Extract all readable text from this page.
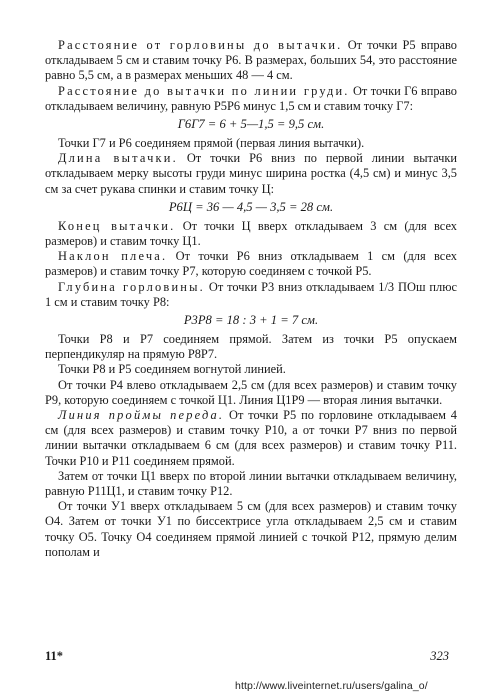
Расстояние от горловины до вытачки. От точки Р5 вправо откладываем 5 см и ставим точку Р6. В размерах, больших 54, это расстояние равно 5,5 см, а в размерах меньших 48 — 4 см.

Расстояние до вытачки по линии груди. От точки Г6 вправо откладываем величину, равную Р5Р6 минус 1,5 см и ставим точку Г7:

Г6Г7 = 6 + 5—1,5 = 9,5 см.

Точки Г7 и Р6 соединяем прямой (первая линия вытачки).

Длина вытачки. От точки Р6 вниз по первой линии вытачки откладываем мерку высоты груди минус ширина ростка (4,5 см) и минус 3,5 см за счет рукава спинки и ставим точку Ц:

Р6Ц = 36 — 4,5 — 3,5 = 28 см.

Конец вытачки. От точки Ц вверх откладываем 3 см (для всех размеров) и ставим точку Ц1.

Наклон плеча. От точки Р6 вниз откладываем 1 см (для всех размеров) и ставим точку Р7, которую соединяем с точкой Р5.

Глубина горловины. От точки Р3 вниз откладываем 1/3 ПОш плюс 1 см и ставим точку Р8:

Р3Р8 = 18 : 3 + 1 = 7 см.

Точки Р8 и Р7 соединяем прямой. Затем из точки Р5 опускаем перпендикуляр на прямую Р8Р7.

Точки Р8 и Р5 соединяем вогнутой линией.

От точки Р4 влево откладываем 2,5 см (для всех размеров) и ставим точку Р9, которую соединяем с точкой Ц1. Линия Ц1Р9 — вторая линия вытачки.

Линия проймы переда. От точки Р5 по горловине откладываем 4 см (для всех размеров) и ставим точку Р10, а от точки Р7 вниз по первой линии вытачки откладываем 6 см (для всех размеров) и ставим точку Р11. Точки Р10 и Р11 соединяем прямой.

Затем от точки Ц1 вверх по второй линии вытачки откладываем величину, равную Р11Ц1, и ставим точку Р12.

От точки У1 вверх откладываем 5 см (для всех размеров) и ставим точку О4. Затем от точки У1 по биссектрисе угла откладываем 2,5 см и ставим точку О5. Точку О4 соединяем прямой линией с точкой Р12, прямую делим пополам и

11*	323
http://www.liveinternet.ru/users/galina_o/
